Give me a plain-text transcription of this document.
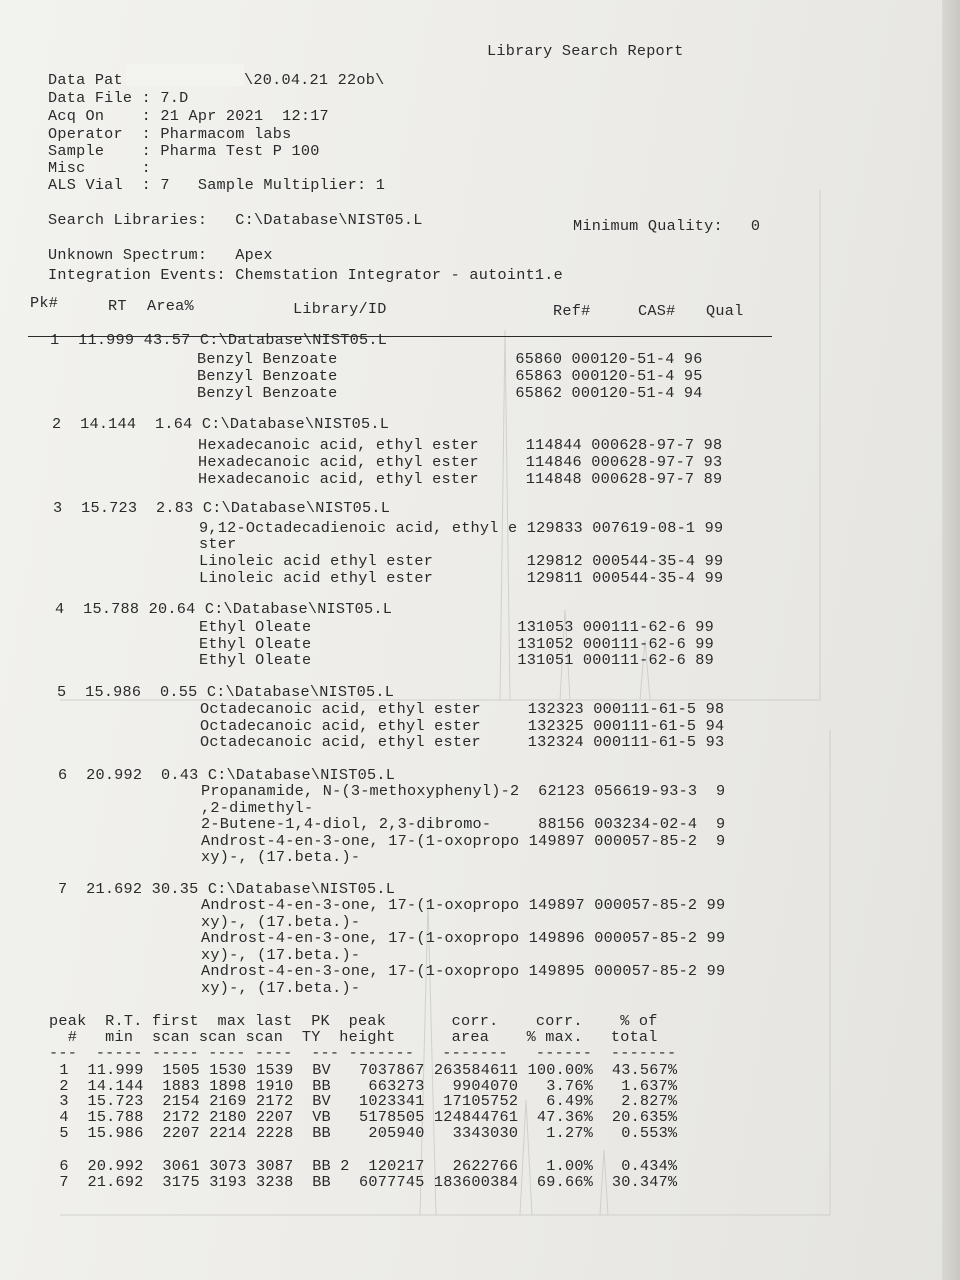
Library Search Report

Data Pat	\20.04.21 22ob\

Data File : 7.D

Acq On    : 21 Apr 2021  12:17

Operator  : Pharmacom labs

Sample    : Pharma Test P 100

Misc      :

ALS Vial  : 7   Sample Multiplier: 1

Search Libraries:   C:\Database\NIST05.L	Minimum Quality:   0

Unknown Spectrum:   Apex

Integration Events: Chemstation Integrator - autoint1.e

Pk#	RT Area%	Library/ID	Ref#	CAS# Qual

1  11.999 43.57 C:\Database\NIST05.L

Benzyl Benzoate                   65860 000120-51-4 96

Benzyl Benzoate                   65863 000120-51-4 95

Benzyl Benzoate                   65862 000120-51-4 94

2  14.144  1.64 C:\Database\NIST05.L

Hexadecanoic acid, ethyl ester     114844 000628-97-7 98

Hexadecanoic acid, ethyl ester     114846 000628-97-7 93

Hexadecanoic acid, ethyl ester     114848 000628-97-7 89

3  15.723  2.83 C:\Database\NIST05.L

9,12-Octadecadienoic acid, ethyl e 129833 007619-08-1 99

ster

Linoleic acid ethyl ester          129812 000544-35-4 99

Linoleic acid ethyl ester          129811 000544-35-4 99

4  15.788 20.64 C:\Database\NIST05.L

Ethyl Oleate                      131053 000111-62-6 99

Ethyl Oleate                      131052 000111-62-6 99

Ethyl Oleate                      131051 000111-62-6 89

5  15.986  0.55 C:\Database\NIST05.L

Octadecanoic acid, ethyl ester     132323 000111-61-5 98

Octadecanoic acid, ethyl ester     132325 000111-61-5 94

Octadecanoic acid, ethyl ester     132324 000111-61-5 93

6  20.992  0.43 C:\Database\NIST05.L

Propanamide, N-(3-methoxyphenyl)-2  62123 056619-93-3  9

,2-dimethyl-

2-Butene-1,4-diol, 2,3-dibromo-     88156 003234-02-4  9

Androst-4-en-3-one, 17-(1-oxopropo 149897 000057-85-2  9

xy)-, (17.beta.)-

7  21.692 30.35 C:\Database\NIST05.L

Androst-4-en-3-one, 17-(1-oxopropo 149897 000057-85-2 99

xy)-, (17.beta.)-

Androst-4-en-3-one, 17-(1-oxopropo 149896 000057-85-2 99

xy)-, (17.beta.)-

Androst-4-en-3-one, 17-(1-oxopropo 149895 000057-85-2 99

xy)-, (17.beta.)-

peak  R.T. first  max last  PK  peak       corr.    corr.    % of

#   min  scan scan scan  TY  height      area    % max.   total

---  ----- ----- ---- ----  --- -------   -------   ------  -------

1  11.999  1505 1530 1539  BV   7037867 263584611 100.00%  43.567%

2  14.144  1883 1898 1910  BB    663273   9904070   3.76%   1.637%

3  15.723  2154 2169 2172  BV   1023341  17105752   6.49%   2.827%

4  15.788  2172 2180 2207  VB   5178505 124844761  47.36%  20.635%

5  15.986  2207 2214 2228  BB    205940   3343030   1.27%   0.553%

6  20.992  3061 3073 3087  BB 2  120217   2622766   1.00%   0.434%

7  21.692  3175 3193 3238  BB   6077745 183600384  69.66%  30.347%
